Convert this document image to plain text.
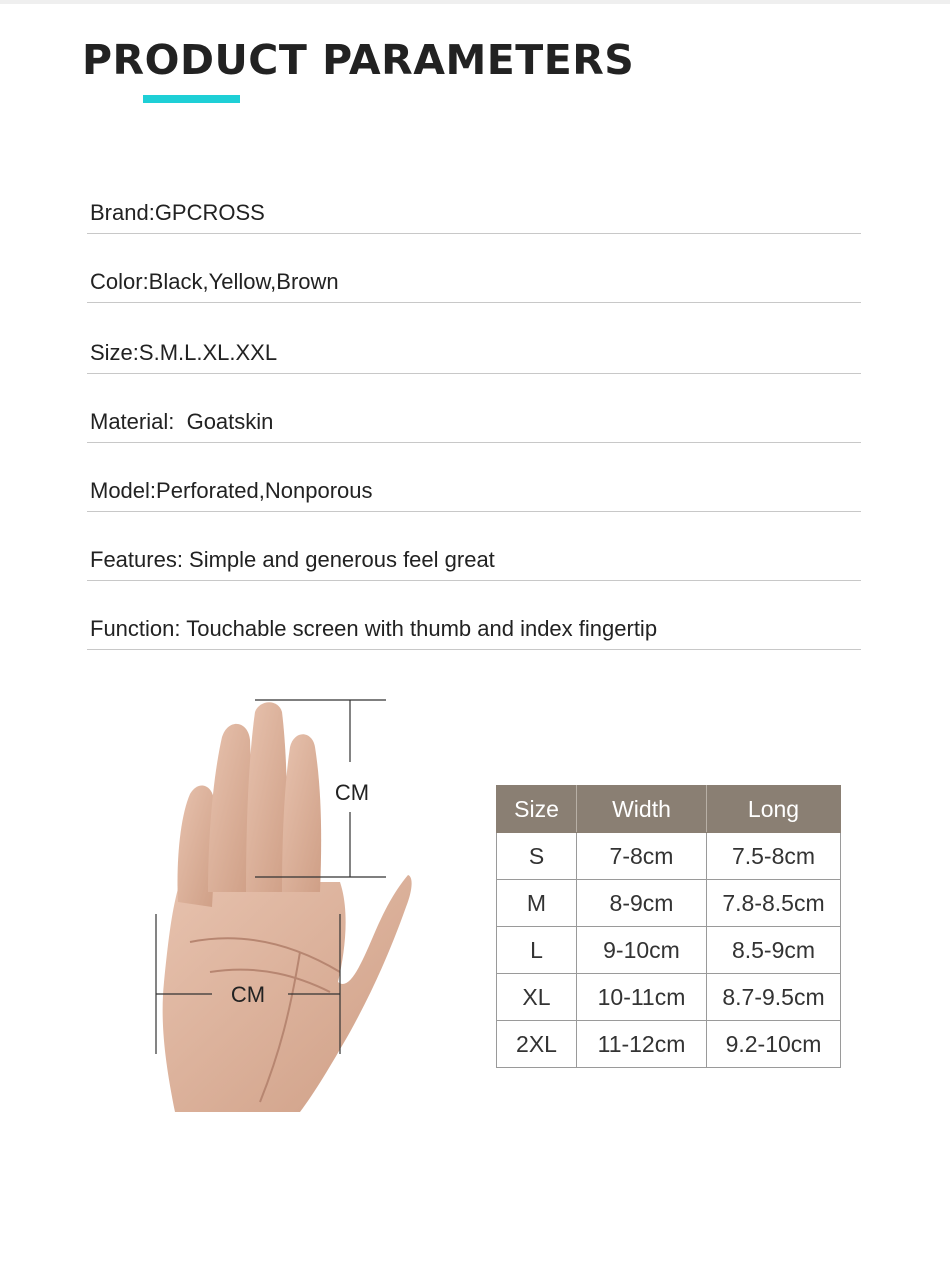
PRODUCT PARAMETERS
Brand:GPCROSS
Color:Black,Yellow,Brown
Size:S.M.L.XL.XXL
Material:  Goatskin
Model:Perforated,Nonporous
Features: Simple and generous feel great
Function: Touchable screen with thumb and index fingertip
CM
CM
Size	Width	Long
S	7-8cm	7.5-8cm
M	8-9cm	7.8-8.5cm
L	9-10cm	8.5-9cm
XL	10-11cm	8.7-9.5cm
2XL	11-12cm	9.2-10cm
